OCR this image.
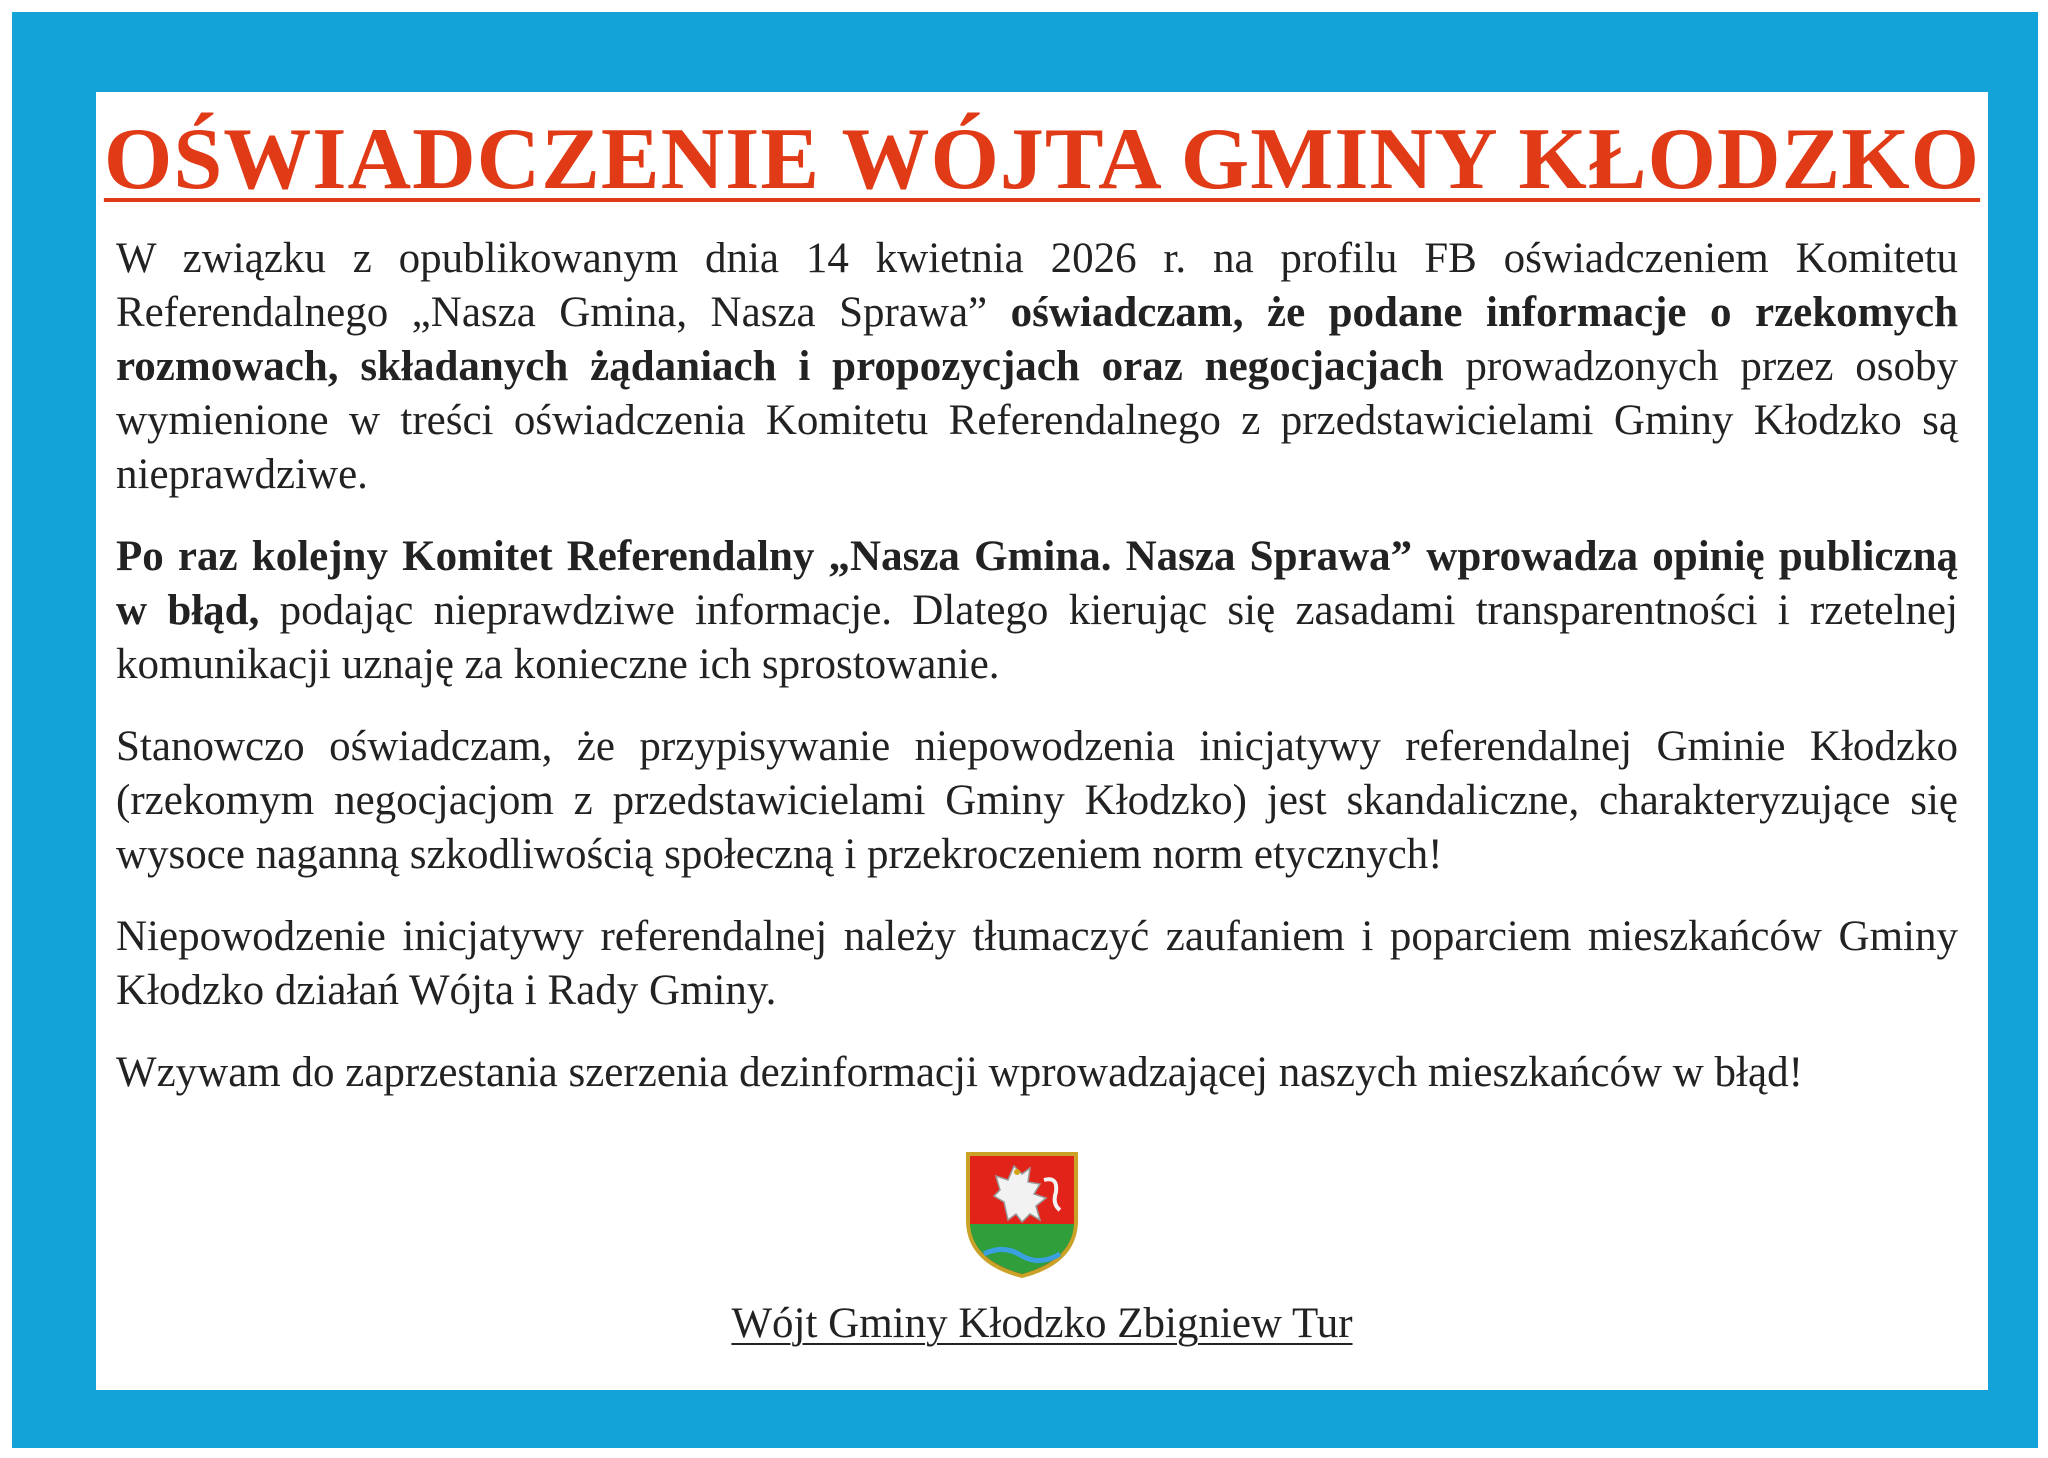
OŚWIADCZENIE WÓJTA GMINY KŁODZKO

W związku z opublikowanym dnia 14 kwietnia 2026 r. na profilu FB oświadczeniem Komitetu Referendalnego „Nasza Gmina, Nasza Sprawa” oświadczam, że podane informacje o rzekomych rozmowach, składanych żądaniach i propozycjach oraz negocjacjach prowadzonych przez osoby wymienione w treści oświadczenia Komitetu Referendalnego z przedstawicielami Gminy Kłodzko są nieprawdziwe.

Po raz kolejny Komitet Referendalny „Nasza Gmina. Nasza Sprawa” wprowadza opinię publiczną w błąd, podając nieprawdziwe informacje. Dlatego kierując się zasadami transparentności i rzetelnej komunikacji uznaję za konieczne ich sprostowanie.

Stanowczo oświadczam, że przypisywanie niepowodzenia inicjatywy referendalnej Gminie Kłodzko (rzekomym negocjacjom z przedstawicielami Gminy Kłodzko) jest skandaliczne, charakteryzujące się wysoce naganną szkodliwością społeczną i przekroczeniem norm etycznych!

Niepowodzenie inicjatywy referendalnej należy tłumaczyć zaufaniem i poparciem mieszkańców Gminy Kłodzko działań Wójta i Rady Gminy.

Wzywam do zaprzestania szerzenia dezinformacji wprowadzającej naszych mieszkańców w błąd!

Wójt Gminy Kłodzko Zbigniew Tur
